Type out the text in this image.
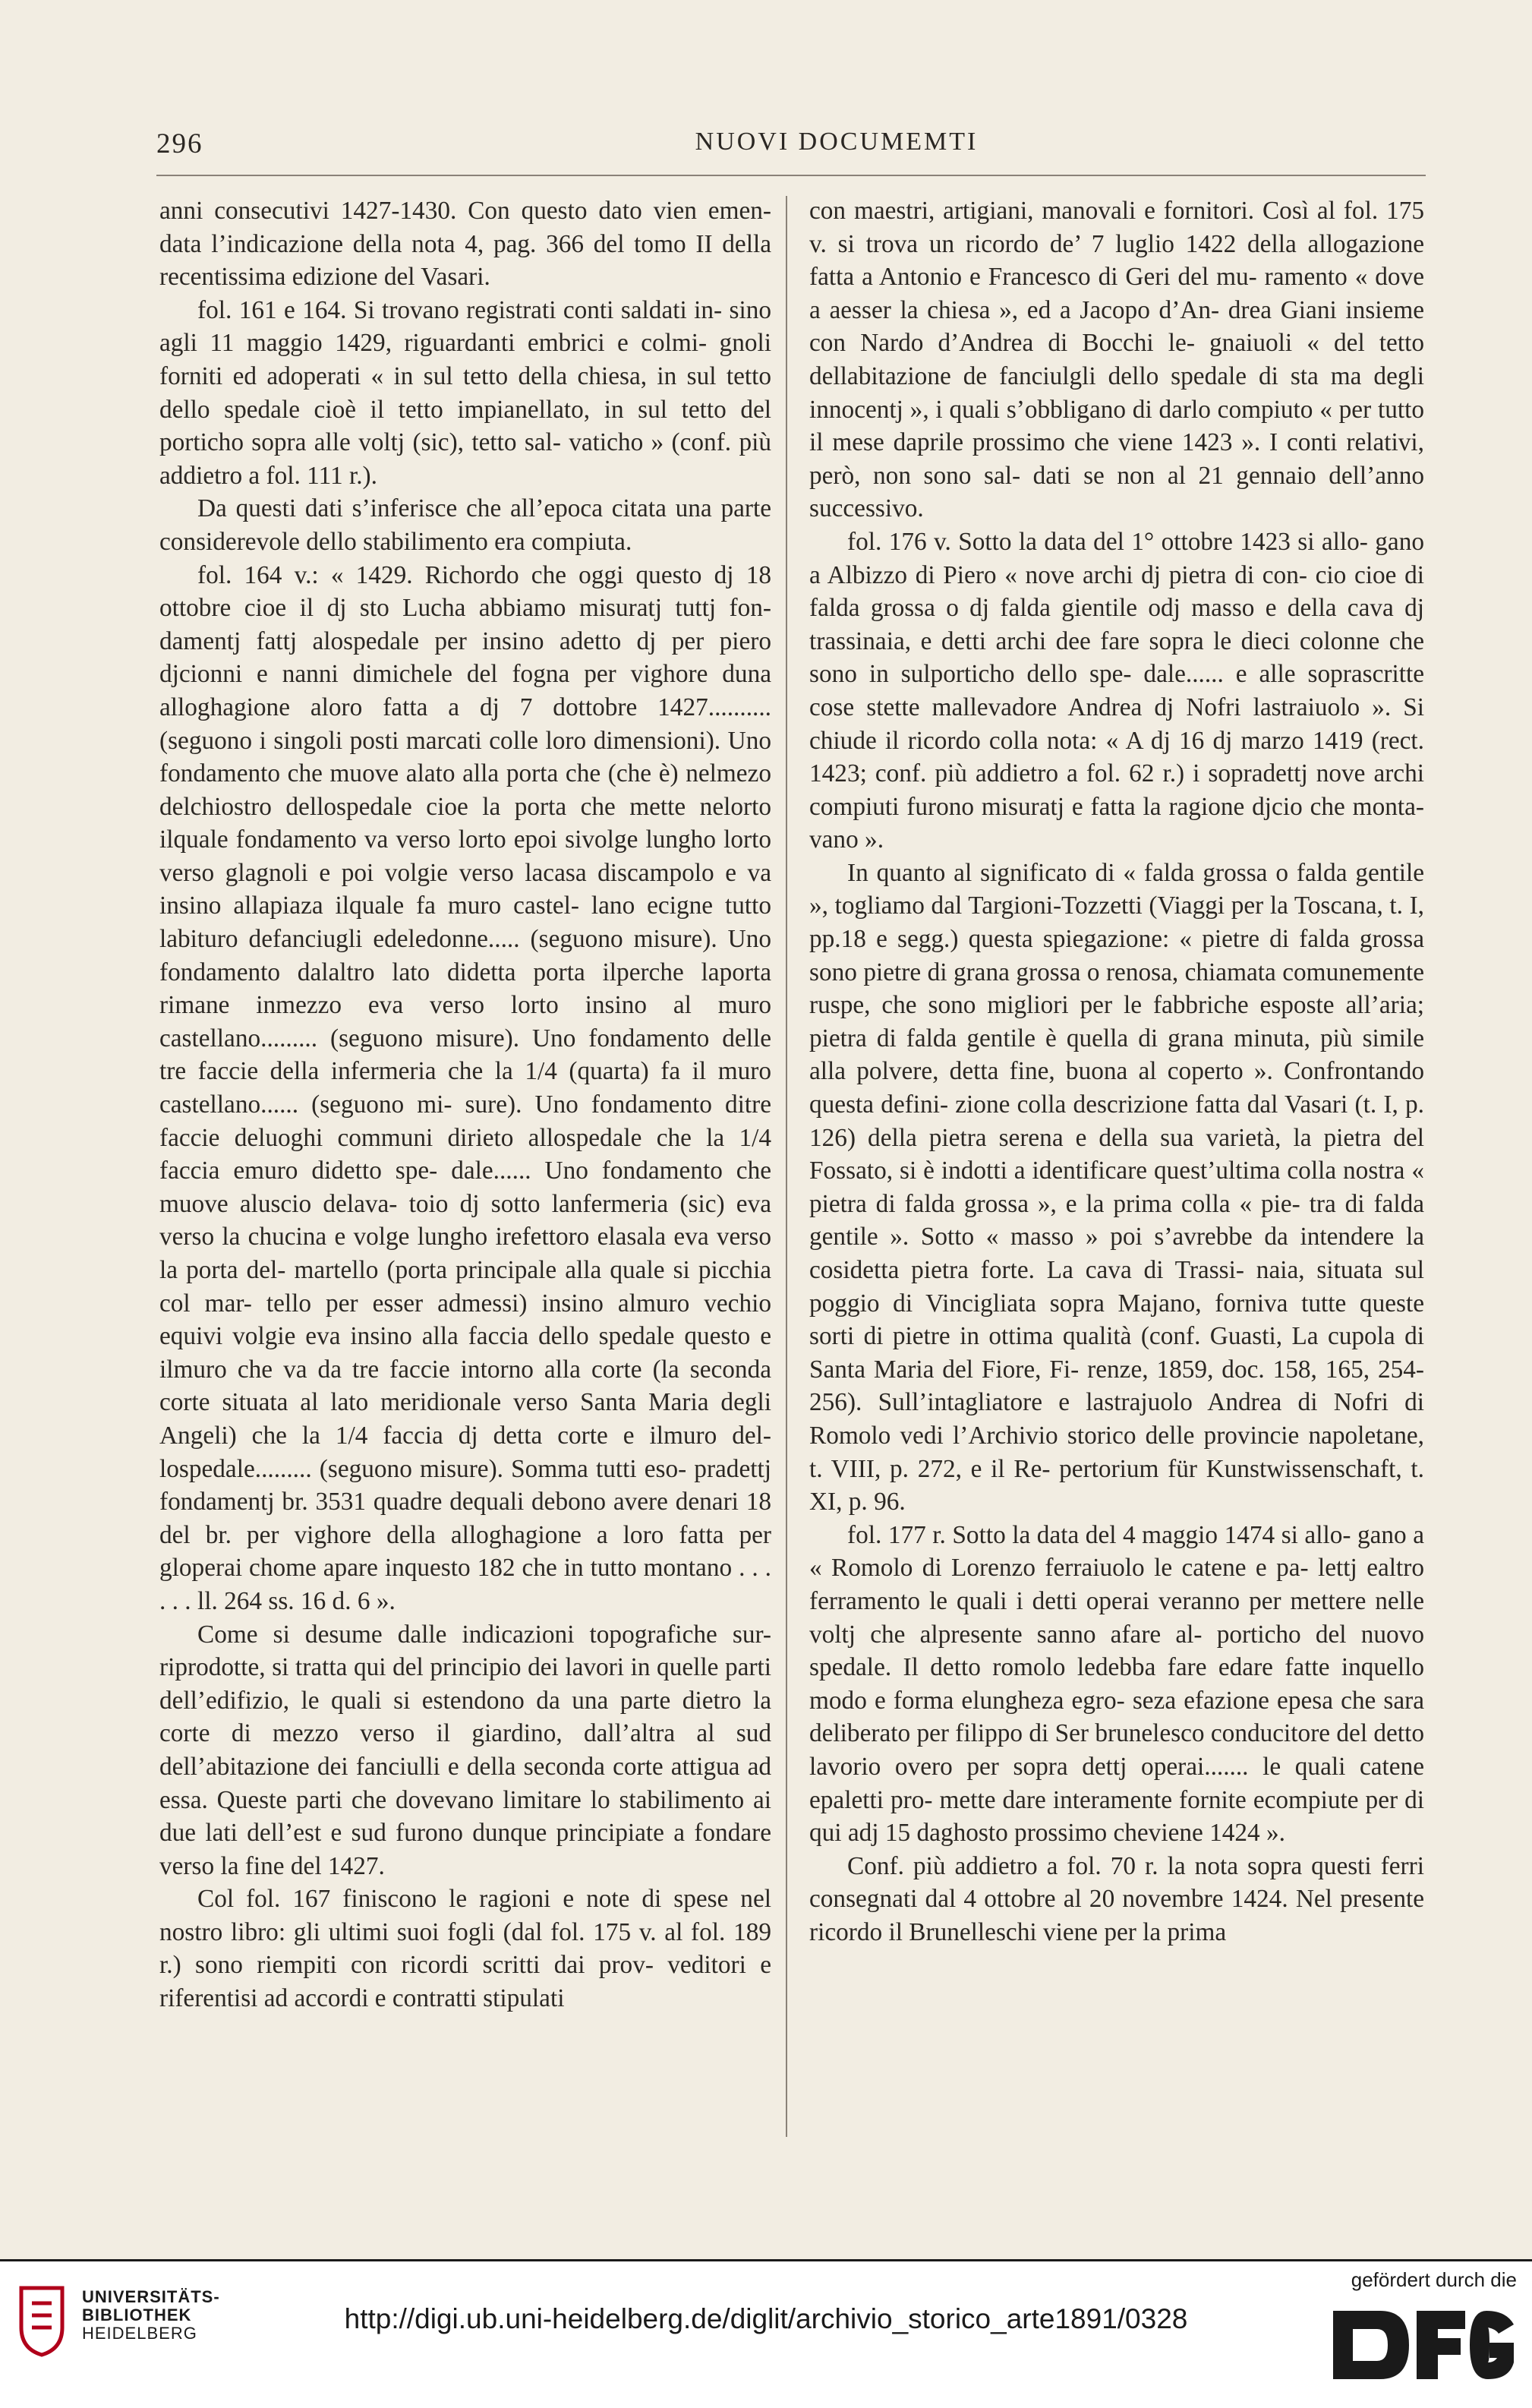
296	NUOVI DOCUMEMTI

anni consecutivi 1427-1430. Con questo dato vien emen- data l’indicazione della nota 4, pag. 366 del tomo II della recentissima edizione del Vasari.

fol. 161 e 164. Si trovano registrati conti saldati in- sino agli 11 maggio 1429, riguardanti embrici e colmi- gnoli forniti ed adoperati « in sul tetto della chiesa, in sul tetto dello spedale cioè il tetto impianellato, in sul tetto del porticho sopra alle voltj (sic), tetto sal- vaticho » (conf. più addietro a fol. 111 r.).

Da questi dati s’inferisce che all’epoca citata una parte considerevole dello stabilimento era compiuta.

fol. 164 v.: « 1429. Richordo che oggi questo dj 18 ottobre cioe il dj sto Lucha abbiamo misuratj tuttj fon- damentj fattj alospedale per insino adetto dj per piero djcionni e nanni dimichele del fogna per vighore duna alloghagione aloro fatta a dj 7 dottobre 1427.......... (seguono i singoli posti marcati colle loro dimensioni). Uno fondamento che muove alato alla porta che (che è) nelmezo delchiostro dellospedale cioe la porta che mette nelorto ilquale fondamento va verso lorto epoi sivolge lungho lorto verso glagnoli e poi volgie verso lacasa discampolo e va insino allapiaza ilquale fa muro castel- lano ecigne tutto labituro defanciugli edeledonne..... (seguono misure). Uno fondamento dalaltro lato didetta porta ilperche laporta rimane inmezzo eva verso lorto insino al muro castellano......... (seguono misure). Uno fondamento delle tre faccie della infermeria che la 1/4 (quarta) fa il muro castellano...... (seguono mi- sure). Uno fondamento ditre faccie deluoghi communi dirieto allospedale che la 1/4 faccia emuro didetto spe- dale...... Uno fondamento che muove aluscio delava- toio dj sotto lanfermeria (sic) eva verso la chucina e volge lungho irefettoro elasala eva verso la porta del- martello (porta principale alla quale si picchia col mar- tello per esser admessi) insino almuro vechio equivi volgie eva insino alla faccia dello spedale questo e ilmuro che va da tre faccie intorno alla corte (la seconda corte situata al lato meridionale verso Santa Maria degli Angeli) che la 1/4 faccia dj detta corte e ilmuro del- lospedale......... (seguono misure). Somma tutti eso- pradettj fondamentj br. 3531 quadre dequali debono avere denari 18 del br. per vighore della alloghagione a loro fatta per gloperai chome apare inquesto 182 che in tutto montano . . . . . . ll. 264 ss. 16 d. 6 ».

Come si desume dalle indicazioni topografiche sur- riprodotte, si tratta qui del principio dei lavori in quelle parti dell’edifizio, le quali si estendono da una parte dietro la corte di mezzo verso il giardino, dall’altra al sud dell’abitazione dei fanciulli e della seconda corte attigua ad essa. Queste parti che dovevano limitare lo stabilimento ai due lati dell’est e sud furono dunque principiate a fondare verso la fine del 1427.

Col fol. 167 finiscono le ragioni e note di spese nel nostro libro: gli ultimi suoi fogli (dal fol. 175 v. al fol. 189 r.) sono riempiti con ricordi scritti dai prov- veditori e riferentisi ad accordi e contratti stipulati

con maestri, artigiani, manovali e fornitori. Così al fol. 175 v. si trova un ricordo de’ 7 luglio 1422 della allogazione fatta a Antonio e Francesco di Geri del mu- ramento « dove a aesser la chiesa », ed a Jacopo d’An- drea Giani insieme con Nardo d’Andrea di Bocchi le- gnaiuoli « del tetto dellabitazione de fanciulgli dello spedale di sta ma degli innocentj », i quali s’obbligano di darlo compiuto « per tutto il mese daprile prossimo che viene 1423 ». I conti relativi, però, non sono sal- dati se non al 21 gennaio dell’anno successivo.

fol. 176 v. Sotto la data del 1° ottobre 1423 si allo- gano a Albizzo di Piero « nove archi dj pietra di con- cio cioe di falda grossa o dj falda gientile odj masso e della cava dj trassinaia, e detti archi dee fare sopra le dieci colonne che sono in sulporticho dello spe- dale...... e alle soprascritte cose stette mallevadore Andrea dj Nofri lastraiuolo ». Si chiude il ricordo colla nota: « A dj 16 dj marzo 1419 (rect. 1423; conf. più addietro a fol. 62 r.) i sopradettj nove archi compiuti furono misuratj e fatta la ragione djcio che monta- vano ».

In quanto al significato di « falda grossa o falda gentile », togliamo dal Targioni-Tozzetti (Viaggi per la Toscana, t. I, pp.18 e segg.) questa spiegazione: « pietre di falda grossa sono pietre di grana grossa o renosa, chiamata comunemente ruspe, che sono migliori per le fabbriche esposte all’aria; pietra di falda gentile è quella di grana minuta, più simile alla polvere, detta fine, buona al coperto ». Confrontando questa defini- zione colla descrizione fatta dal Vasari (t. I, p. 126) della pietra serena e della sua varietà, la pietra del Fossato, si è indotti a identificare quest’ultima colla nostra « pietra di falda grossa », e la prima colla « pie- tra di falda gentile ». Sotto « masso » poi s’avrebbe da intendere la cosidetta pietra forte. La cava di Trassi- naia, situata sul poggio di Vincigliata sopra Majano, forniva tutte queste sorti di pietre in ottima qualità (conf. Guasti, La cupola di Santa Maria del Fiore, Fi- renze, 1859, doc. 158, 165, 254-256). Sull’intagliatore e lastrajuolo Andrea di Nofri di Romolo vedi l’Archivio storico delle provincie napoletane, t. VIII, p. 272, e il Re- pertorium für Kunstwissenschaft, t. XI, p. 96.

fol. 177 r. Sotto la data del 4 maggio 1474 si allo- gano a « Romolo di Lorenzo ferraiuolo le catene e pa- lettj ealtro ferramento le quali i detti operai veranno per mettere nelle voltj che alpresente sanno afare al- porticho del nuovo spedale. Il detto romolo ledebba fare edare fatte inquello modo e forma elungheza egro- seza efazione epesa che sara deliberato per filippo di Ser brunelesco conducitore del detto lavorio overo per sopra dettj operai....... le quali catene epaletti pro- mette dare interamente fornite ecompiute per di qui adj 15 daghosto prossimo cheviene 1424 ».

Conf. più addietro a fol. 70 r. la nota sopra questi ferri consegnati dal 4 ottobre al 20 novembre 1424. Nel presente ricordo il Brunelleschi viene per la prima

UNIVERSITÄTS-
BIBLIOTHEK
HEIDELBERG	http://digi.ub.uni-heidelberg.de/diglit/archivio_storico_arte1891/0328
gefördert durch die
